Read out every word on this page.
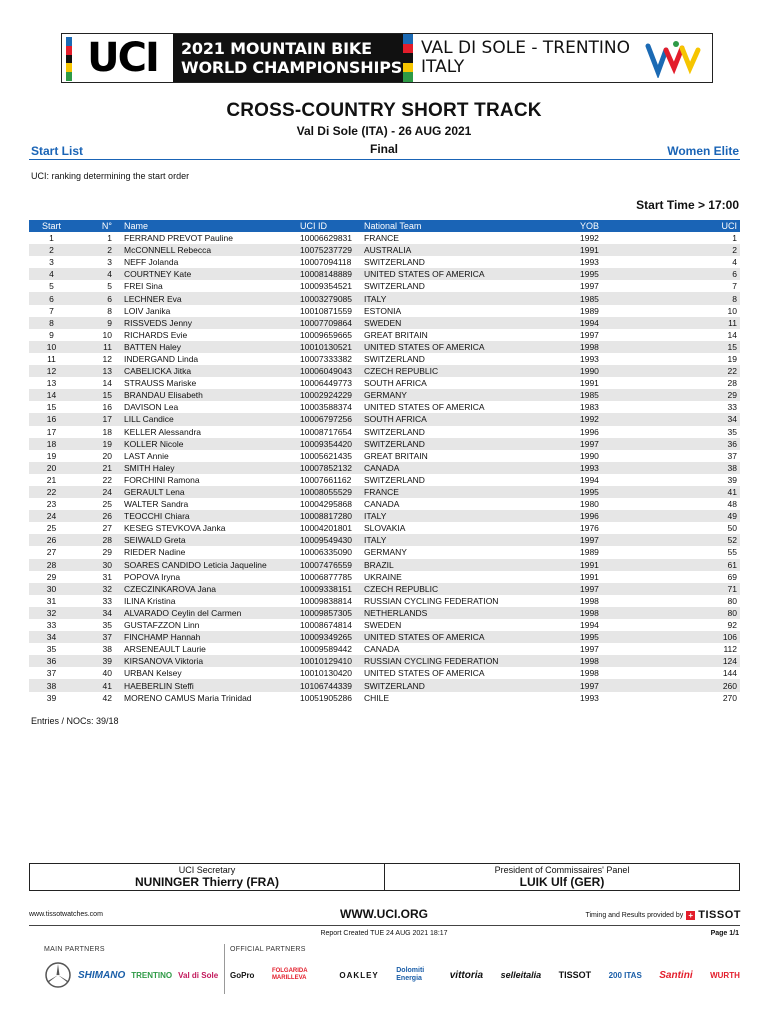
UCI 2021 MOUNTAIN BIKE
WORLD CHAMPIONSHIPS
VAL DI SOLE - TRENTINO
ITALY
CROSS-COUNTRY SHORT TRACK
Val Di Sole (ITA) - 26 AUG 2021
Final
Start List	Women Elite
UCI: ranking determining the start order
Start Time > 17:00
Start	N°	Name	UCI ID	National Team	YOB	UCI
1	1	FERRAND PREVOT Pauline	10006629831	FRANCE	1992	1
2	2	McCONNELL Rebecca	10075237729	AUSTRALIA	1991	2
3	3	NEFF Jolanda	10007094118	SWITZERLAND	1993	4
4	4	COURTNEY Kate	10008148889	UNITED STATES OF AMERICA	1995	6
5	5	FREI Sina	10009354521	SWITZERLAND	1997	7
6	6	LECHNER Eva	10003279085	ITALY	1985	8
7	8	LOIV Janika	10010871559	ESTONIA	1989	10
8	9	RISSVEDS Jenny	10007709864	SWEDEN	1994	11
9	10	RICHARDS Evie	10009659665	GREAT BRITAIN	1997	14
10	11	BATTEN Haley	10010130521	UNITED STATES OF AMERICA	1998	15
11	12	INDERGAND Linda	10007333382	SWITZERLAND	1993	19
12	13	CABELICKA Jitka	10006049043	CZECH REPUBLIC	1990	22
13	14	STRAUSS Mariske	10006449773	SOUTH AFRICA	1991	28
14	15	BRANDAU Elisabeth	10002924229	GERMANY	1985	29
15	16	DAVISON Lea	10003588374	UNITED STATES OF AMERICA	1983	33
16	17	LILL Candice	10006797256	SOUTH AFRICA	1992	34
17	18	KELLER Alessandra	10008717654	SWITZERLAND	1996	35
18	19	KOLLER Nicole	10009354420	SWITZERLAND	1997	36
19	20	LAST Annie	10005621435	GREAT BRITAIN	1990	37
20	21	SMITH Haley	10007852132	CANADA	1993	38
21	22	FORCHINI Ramona	10007661162	SWITZERLAND	1994	39
22	24	GERAULT Lena	10008055529	FRANCE	1995	41
23	25	WALTER Sandra	10004295868	CANADA	1980	48
24	26	TEOCCHI Chiara	10008817280	ITALY	1996	49
25	27	KESEG STEVKOVA Janka	10004201801	SLOVAKIA	1976	50
26	28	SEIWALD Greta	10009549430	ITALY	1997	52
27	29	RIEDER Nadine	10006335090	GERMANY	1989	55
28	30	SOARES CANDIDO Leticia Jaqueline	10007476559	BRAZIL	1991	61
29	31	POPOVA Iryna	10006877785	UKRAINE	1991	69
30	32	CZECZINKAROVA Jana	10009338151	CZECH REPUBLIC	1997	71
31	33	ILINA Kristina	10009838814	RUSSIAN CYCLING FEDERATION	1998	80
32	34	ALVARADO Ceylin del Carmen	10009857305	NETHERLANDS	1998	80
33	35	GUSTAFZZON Linn	10008674814	SWEDEN	1994	92
34	37	FINCHAMP Hannah	10009349265	UNITED STATES OF AMERICA	1995	106
35	38	ARSENEAULT Laurie	10009589442	CANADA	1997	112
36	39	KIRSANOVA Viktoria	10010129410	RUSSIAN CYCLING FEDERATION	1998	124
37	40	URBAN Kelsey	10010130420	UNITED STATES OF AMERICA	1998	144
38	41	HAEBERLIN Steffi	10106744339	SWITZERLAND	1997	260
39	42	MORENO CAMUS Maria Trinidad	10051905286	CHILE	1993	270
Entries / NOCs: 39/18
UCI Secretary
NUNINGER Thierry (FRA)
President of Commissaires' Panel
LUIK Ulf (GER)
www.tissotwatches.com	WWW.UCI.ORG	Timing and Results provided by + TISSOT
Report Created TUE 24 AUG 2021 18:17	Page 1/1
MAIN PARTNERS	OFFICIAL PARTNERS
SHIMANO TRENTINO Val di Sole GoPro	FOLGARIDA MARILLEVA	OAKLEY Dolomiti Energia	vittoria selleitalia TISSOT 200 ITAS Santini WURTH
